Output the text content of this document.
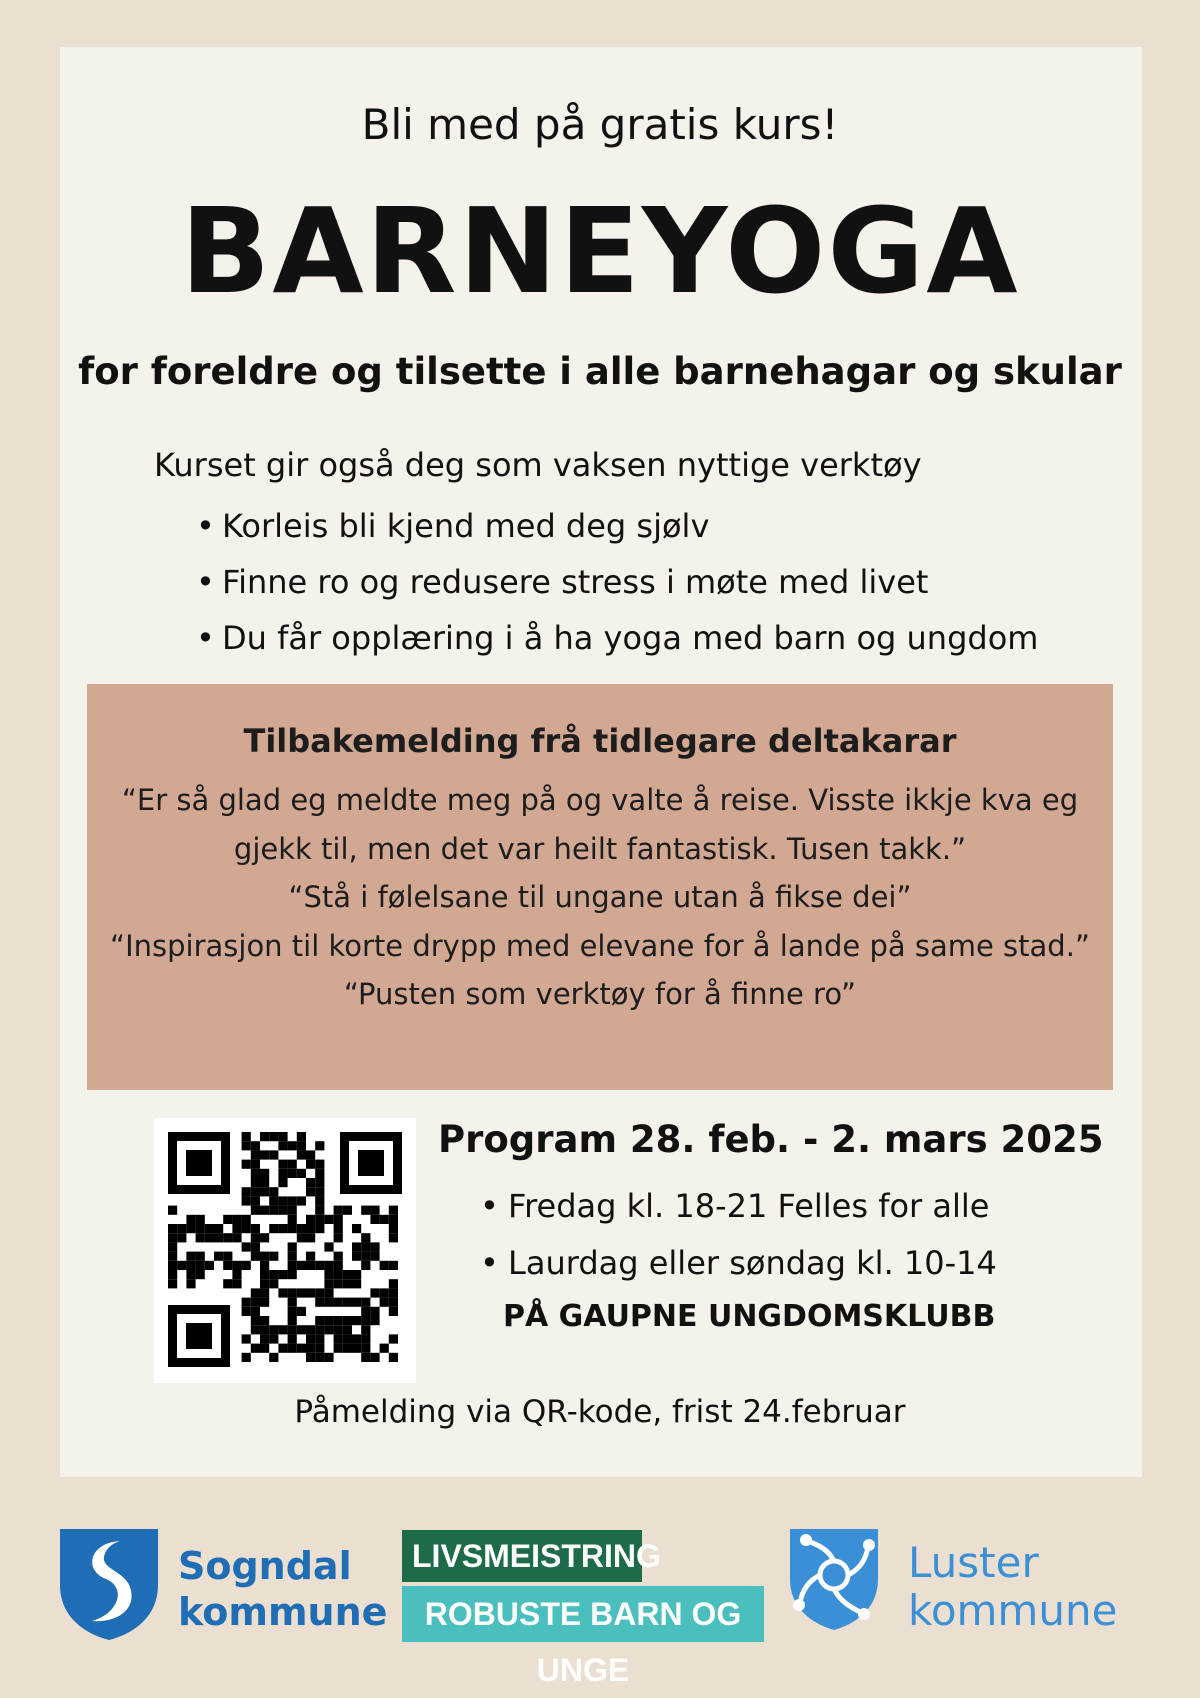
Bli med på gratis kurs!
BARNEYOGA
for foreldre og tilsette i alle barnehagar og skular
Kurset gir også deg som vaksen nyttige verktøy
• Korleis bli kjend med deg sjølv
• Finne ro og redusere stress i møte med livet
• Du får opplæring i å ha yoga med barn og ungdom
Tilbakemelding frå tidlegare deltakarar
“Er så glad eg meldte meg på og valte å reise. Visste ikkje kva eg
gjekk til, men det var heilt fantastisk. Tusen takk.”
“Stå i følelsane til ungane utan å fikse dei”
“Inspirasjon til korte drypp med elevane for å lande på same stad.”
“Pusten som verktøy for å finne ro”
Program 28. feb. - 2. mars 2025
• Fredag kl. 18-21 Felles for alle
• Laurdag eller søndag kl. 10-14
PÅ GAUPNE UNGDOMSKLUBB
Påmelding via QR-kode, frist 24.februar
Sogndal
kommune
LIVSMEISTRING
ROBUSTE BARN OG UNGE
Luster
kommune
